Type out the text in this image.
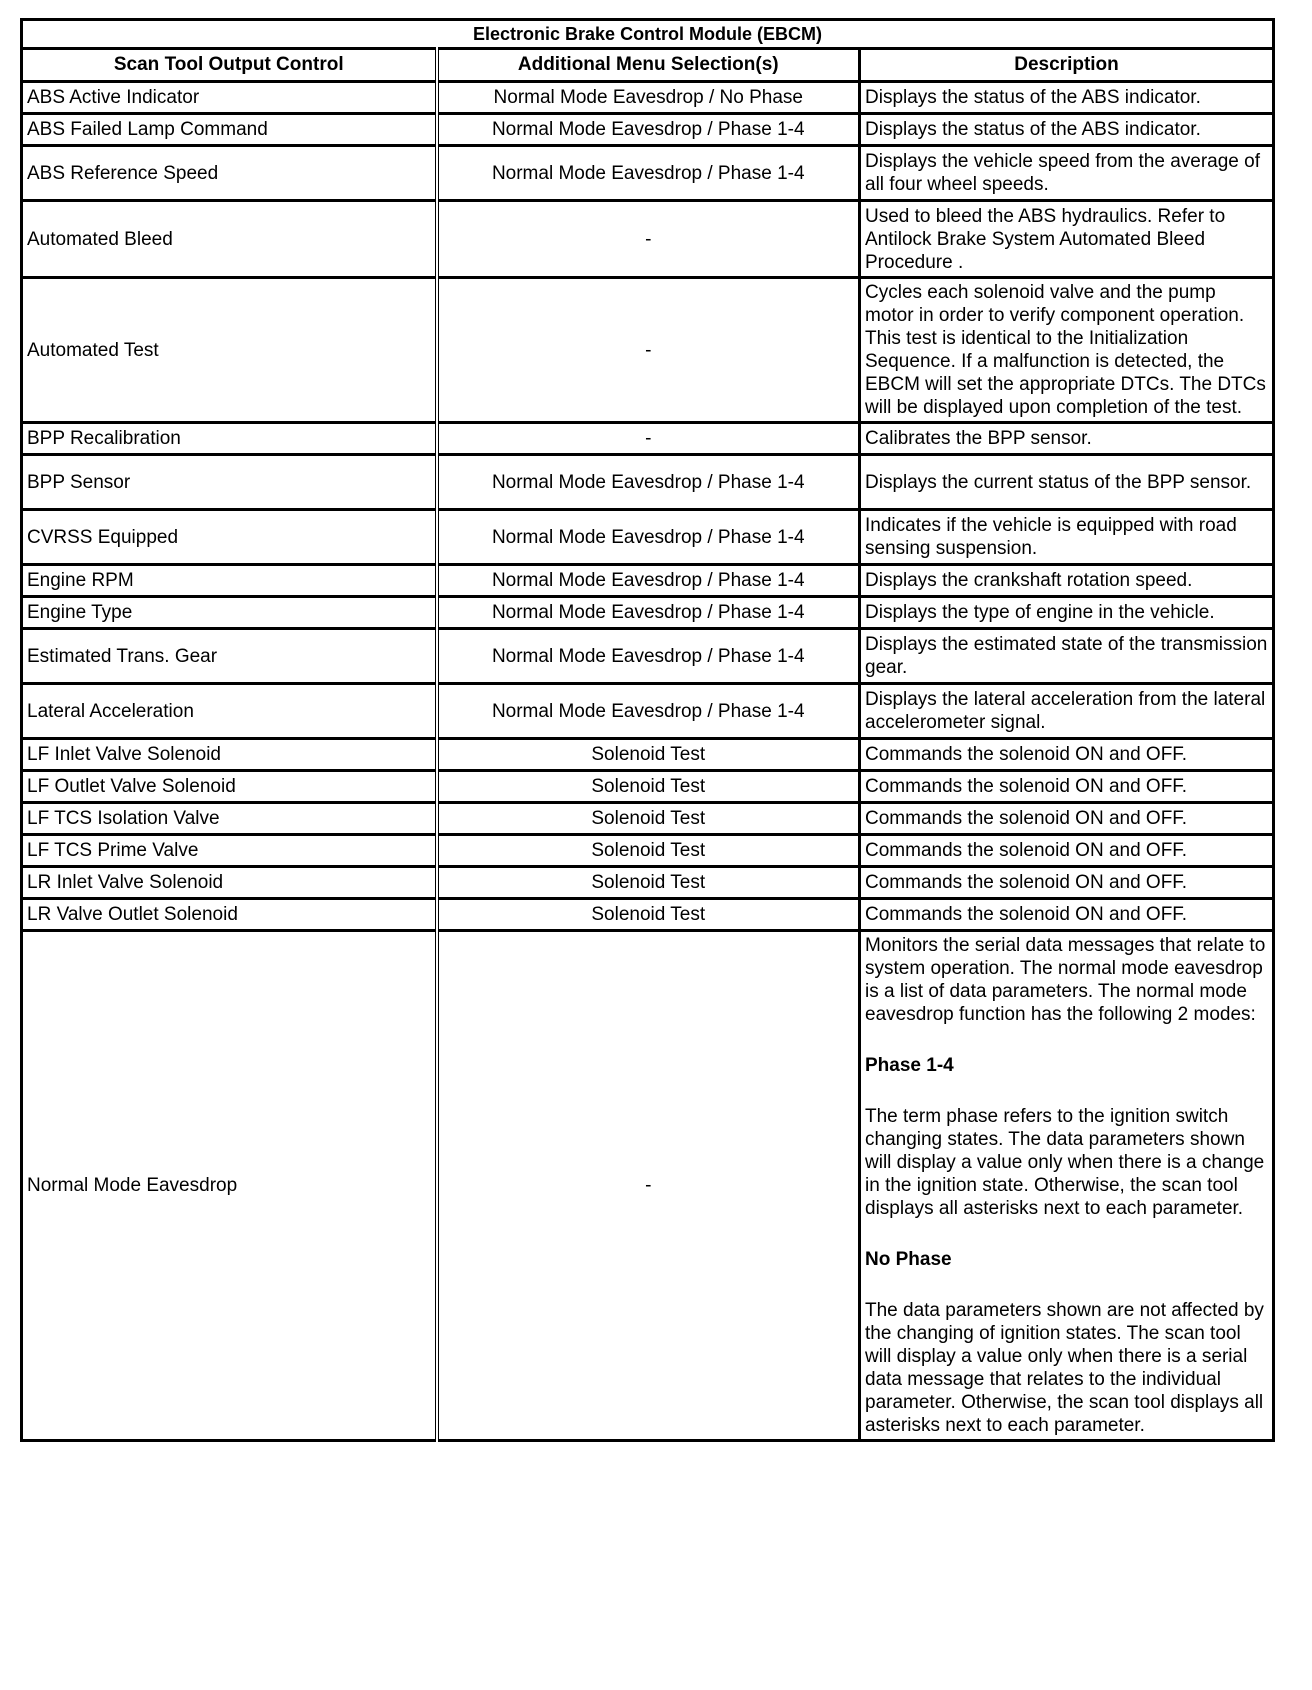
Electronic Brake Control Module (EBCM)		
Scan Tool Output Control	Additional Menu Selection(s)	Description
ABS Active Indicator	Normal Mode Eavesdrop / No Phase	Displays the status of the ABS indicator.
ABS Failed Lamp Command	Normal Mode Eavesdrop / Phase 1-4	Displays the status of the ABS indicator.
ABS Reference Speed	Normal Mode Eavesdrop / Phase 1-4	Displays the vehicle speed from the average of all four wheel speeds.
Automated Bleed	-	Used to bleed the ABS hydraulics. Refer to Antilock Brake System Automated Bleed Procedure .
Automated Test	-	Cycles each solenoid valve and the pump motor in order to verify component operation. This test is identical to the Initialization Sequence. If a malfunction is detected, the EBCM will set the appropriate DTCs. The DTCs will be displayed upon completion of the test.
BPP Recalibration	-	Calibrates the BPP sensor.
BPP Sensor	Normal Mode Eavesdrop / Phase 1-4	Displays the current status of the BPP sensor.
CVRSS Equipped	Normal Mode Eavesdrop / Phase 1-4	Indicates if the vehicle is equipped with road sensing suspension.
Engine RPM	Normal Mode Eavesdrop / Phase 1-4	Displays the crankshaft rotation speed.
Engine Type	Normal Mode Eavesdrop / Phase 1-4	Displays the type of engine in the vehicle.
Estimated Trans. Gear	Normal Mode Eavesdrop / Phase 1-4	Displays the estimated state of the transmission gear.
Lateral Acceleration	Normal Mode Eavesdrop / Phase 1-4	Displays the lateral acceleration from the lateral accelerometer signal.
LF Inlet Valve Solenoid	Solenoid Test	Commands the solenoid ON and OFF.
LF Outlet Valve Solenoid	Solenoid Test	Commands the solenoid ON and OFF.
LF TCS Isolation Valve	Solenoid Test	Commands the solenoid ON and OFF.
LF TCS Prime Valve	Solenoid Test	Commands the solenoid ON and OFF.
LR Inlet Valve Solenoid	Solenoid Test	Commands the solenoid ON and OFF.
LR Valve Outlet Solenoid	Solenoid Test	Commands the solenoid ON and OFF.
Normal Mode Eavesdrop	-	Monitors the serial data messages that relate to system operation. The normal mode eavesdrop is a list of data parameters. The normal mode eavesdrop function has the following 2 modes:

Phase 1-4

The term phase refers to the ignition switch changing states. The data parameters shown will display a value only when there is a change in the ignition state. Otherwise, the scan tool displays all asterisks next to each parameter.

No Phase

The data parameters shown are not affected by the changing of ignition states. The scan tool will display a value only when there is a serial data message that relates to the individual parameter. Otherwise, the scan tool displays all asterisks next to each parameter.
